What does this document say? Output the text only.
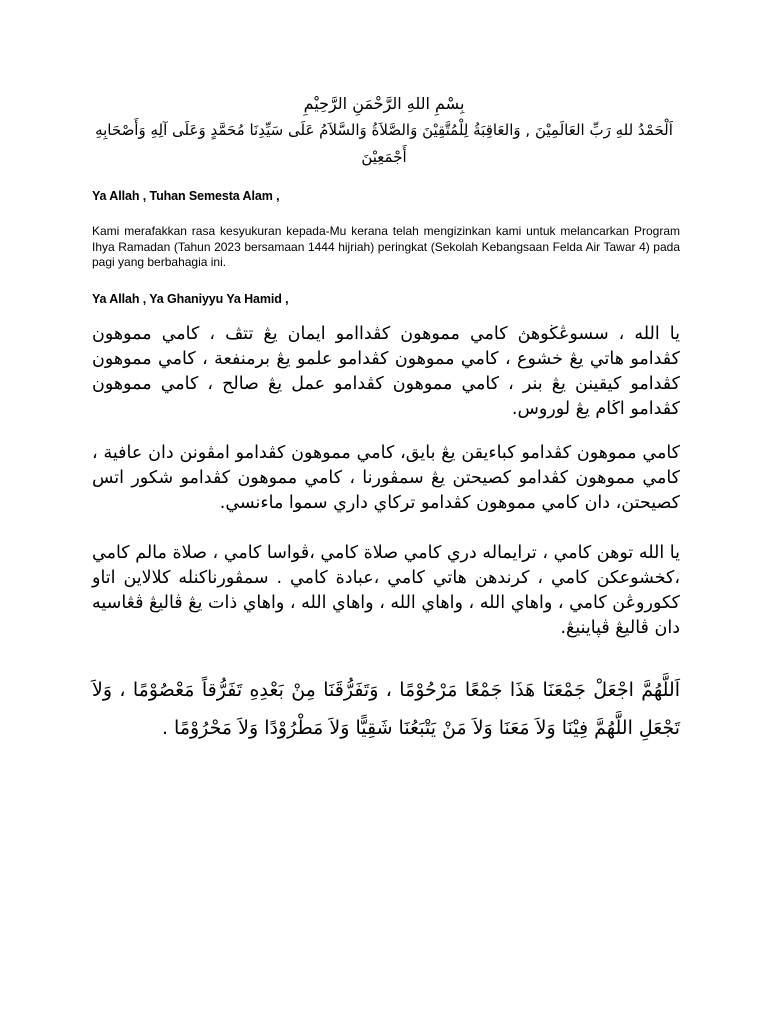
بِسْمِ اللهِ الرَّحْمَنِ الرَّحِيْمِ
اَلْحَمْدُ للهِ رَبِّ العَالَمِيْنَ , وَالعَاقِبَةُ لِلْمُتَّقِيْنَ وَالصَّلاَةُ وَالسَّلاَمُ عَلَى سَيِّدِنَا مُحَمَّدٍ وَعَلَى آلِهِ وَأَصْحَابِهِ أَجْمَعِيْنَ
Ya Allah , Tuhan Semesta Alam ,
Kami merafakkan rasa kesyukuran kepada-Mu kerana telah mengizinkan kami untuk melancarkan Program Ihya Ramadan (Tahun 2023 bersamaan 1444 hijriah) peringkat (Sekolah Kebangsaan Felda Air Tawar 4) pada pagi yang berbahagia ini.
Ya Allah , Ya Ghaniyyu Ya Hamid ,
يا الله ، سسوڠڬوهڽ كامي مموهون كڤداامو ايمان يڠ تتڤ ، كامي مموهون كڤدامو هاتي يڠ خشوع ، كامي مموهون كڤدامو علمو يڠ برمنفعة ، كامي مموهون كڤدامو كيقينن يڠ بنر ، كامي مموهون كڤدامو عمل يڠ صالح ، كامي مموهون كڤدامو اڬام يڠ لوروس.
كامي مموهون كڤدامو كباءيقن يڠ بايق، كامي مموهون كڤدامو امڤونن دان عافية ، كامي مموهون كڤدامو كصيحتن يڠ سمڤورنا ، كامي مموهون كڤدامو شكور اتس كصيحتن، دان كامي مموهون كڤدامو تركاي داري سموا ماءنسي.
يا الله توهن كامي ، ترايماله دري كامي صلاة كامي ،ڤواسا كامي ، صلاة مالم كامي ،كخشوعكن كامي ، كرندهن هاتي كامي ،عبادة كامي . سمڤورناكنله كلالاين اتاو ككوروڠن كامي ، واهاي الله ، واهاي الله ، واهاي الله ، واهاي ذات يڠ ڤاليڠ ڤڠاسيه دان ڤاليڠ ڤڽاينيڠ.
اَللَّهُمَّ اجْعَلْ جَمْعَنَا هَذَا جَمْعًا مَرْحُوْمًا ، وَتَفَرُّقَنَا مِنْ بَعْدِهِ تَفَرُّقاً مَعْصُوْمًا ، وَلاَ تَجْعَلِ اللَّهُمَّ فِيْنَا وَلاَ مَعَنَا وَلاَ مَنْ يَتْبَعُنَا شَقِيًّا وَلاَ مَطْرُوْدًا وَلاَ مَحْرُوْمًا .
